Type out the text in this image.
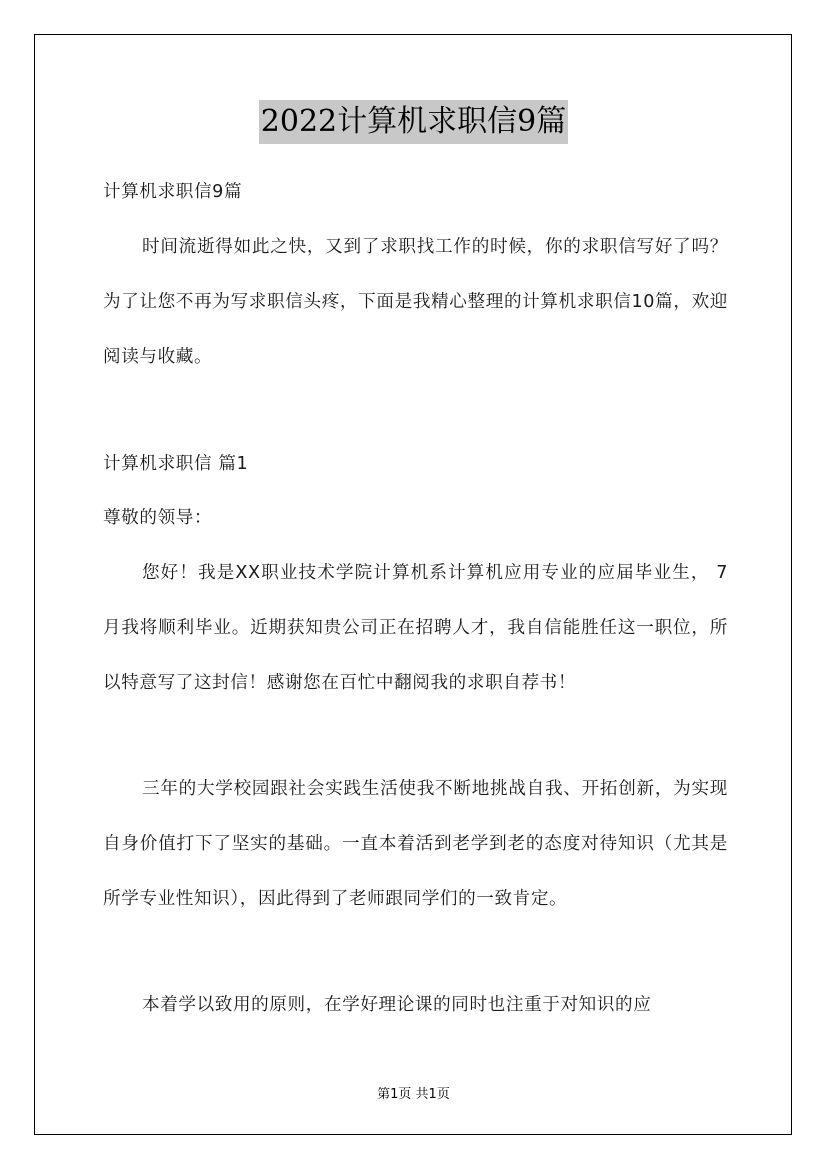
2022计算机求职信9篇

计算机求职信9篇

时间流逝得如此之快，又到了求职找工作的时候，你的求职信写好了吗？为了让您不再为写求职信头疼，下面是我精心整理的计算机求职信10篇，欢迎阅读与收藏。

计算机求职信 篇1

尊敬的领导：

您好！我是XX职业技术学院计算机系计算机应用专业的应届毕业生， 7月我将顺利毕业。近期获知贵公司正在招聘人才，我自信能胜任这一职位，所以特意写了这封信！感谢您在百忙中翻阅我的求职自荐书！

三年的大学校园跟社会实践生活使我不断地挑战自我、开拓创新，为实现自身价值打下了坚实的基础。一直本着活到老学到老的态度对待知识（尤其是所学专业性知识），因此得到了老师跟同学们的一致肯定。

本着学以致用的原则，在学好理论课的同时也注重于对知识的应

第1页 共1页
